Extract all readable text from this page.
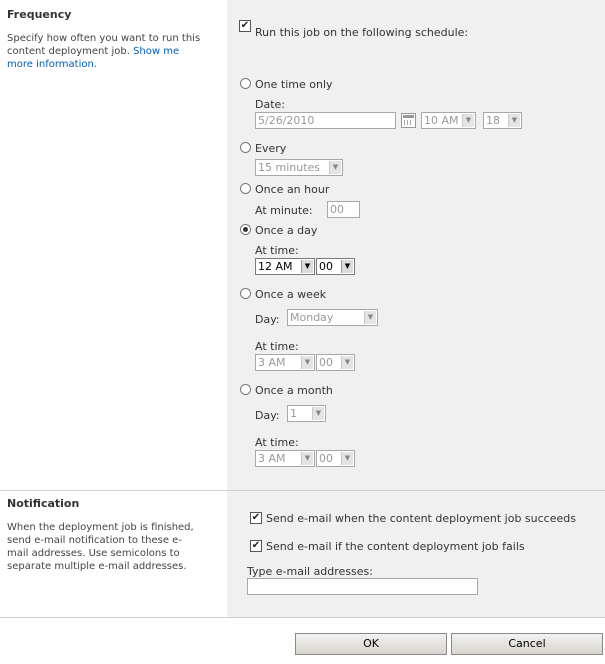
Frequency
Specify how often you want to run this content deployment job. Show me more information.
✔
Run this job on the following schedule:
One time only
Date:
5/26/2010	10 AM	▼ 18	▼
Every
15 minutes	▼
Once an hour
At minute: 00
Once a day
At time:
12 AM	▼ 00	▼
Once a week
Day: Monday	▼
At time:
3 AM	▼ 00	▼
Once a month
Day: 1	▼
At time:
3 AM	▼ 00	▼
Notification
When the deployment job is finished, send e-mail notification to these e-mail addresses. Use semicolons to separate multiple e-mail addresses.
✔ Send e-mail when the content deployment job succeeds
✔ Send e-mail if the content deployment job fails
Type e-mail addresses:
OK	Cancel
